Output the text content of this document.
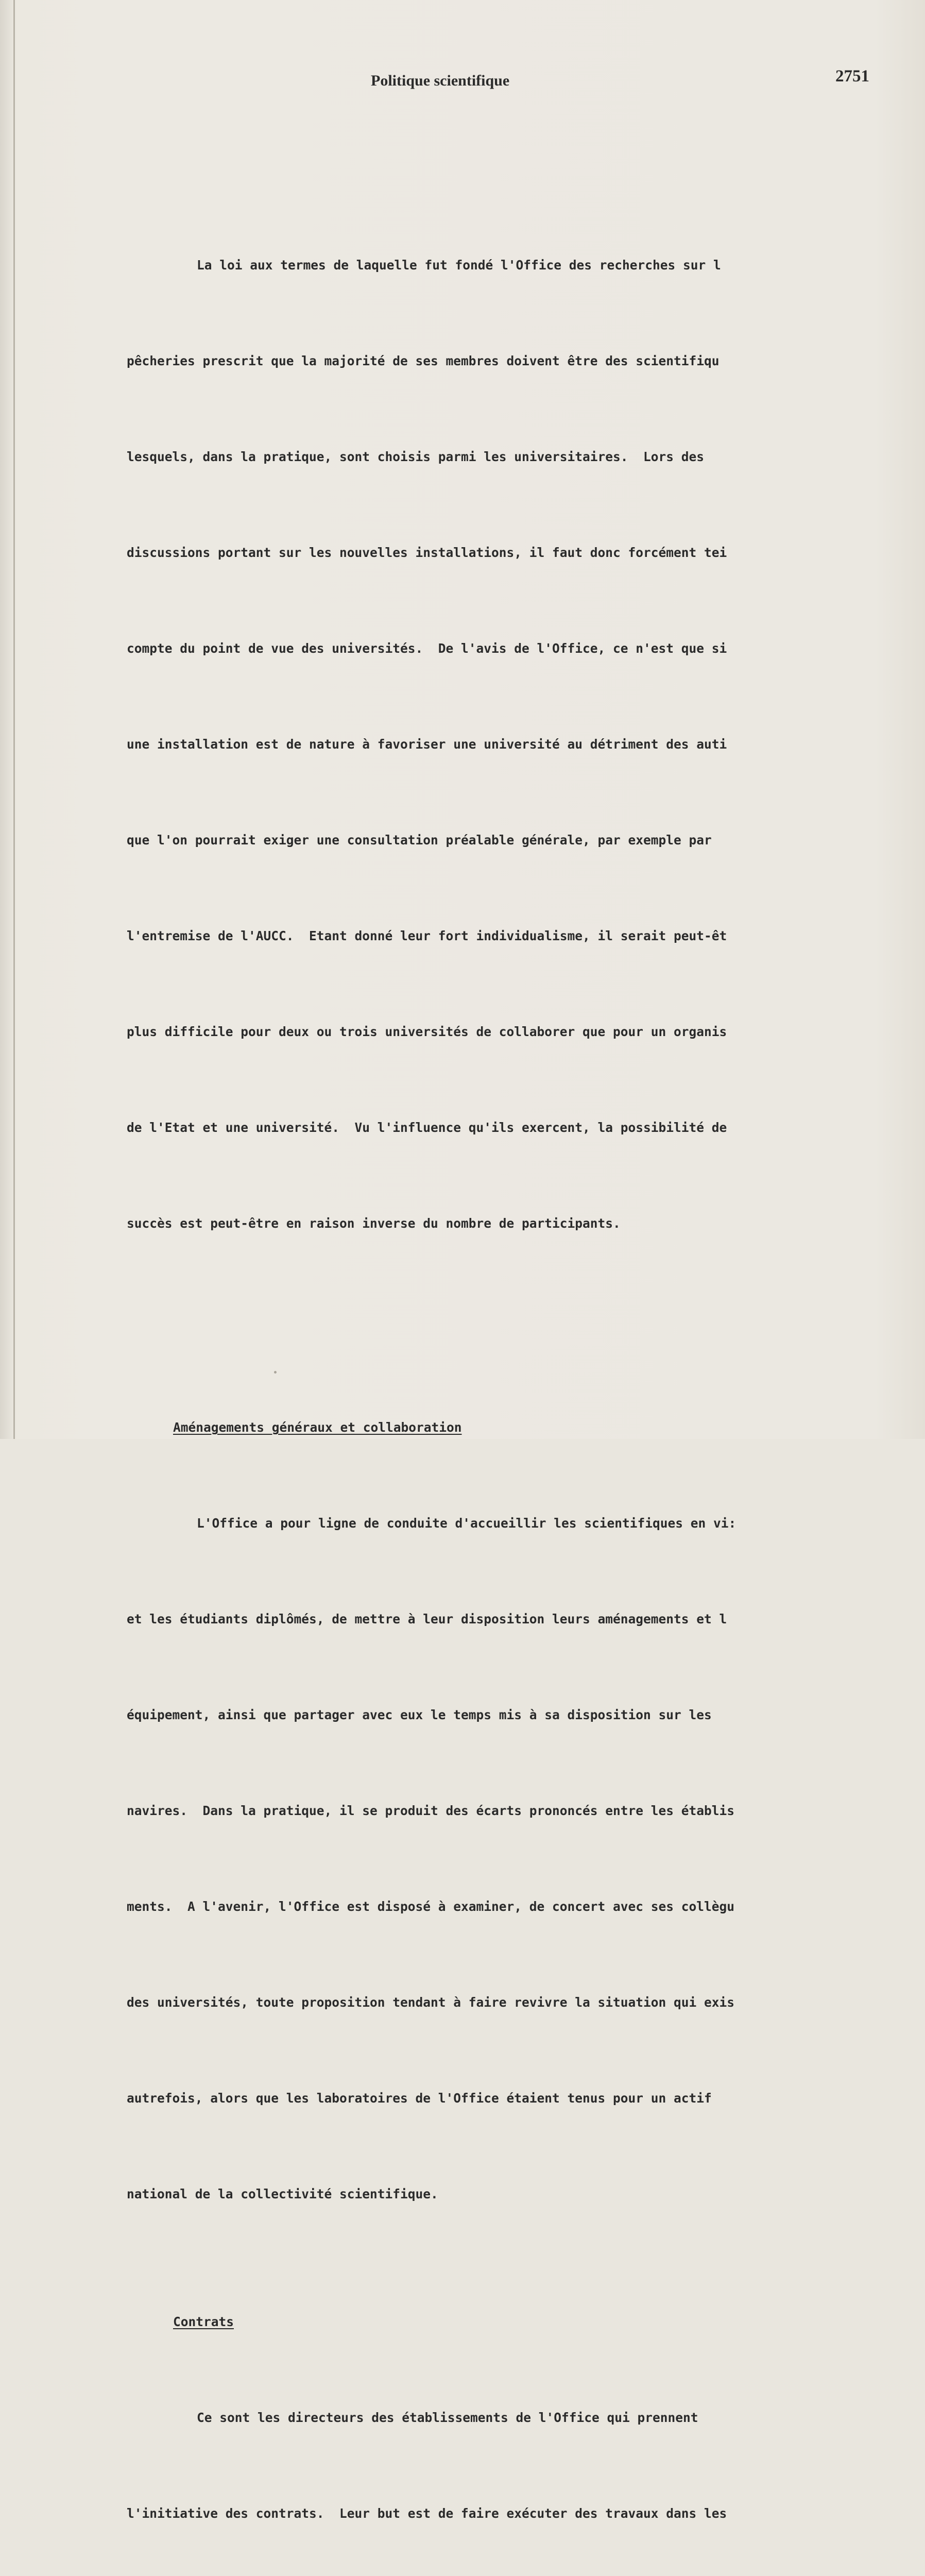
Politique scientifique	2751

La loi aux termes de laquelle fut fondé l'Office des recherches sur l

pêcheries prescrit que la majorité de ses membres doivent être des scientifiqu

lesquels, dans la pratique, sont choisis parmi les universitaires.  Lors des

discussions portant sur les nouvelles installations, il faut donc forcément tei

compte du point de vue des universités.  De l'avis de l'Office, ce n'est que si

une installation est de nature à favoriser une université au détriment des auti

que l'on pourrait exiger une consultation préalable générale, par exemple par

l'entremise de l'AUCC.  Etant donné leur fort individualisme, il serait peut-êt

plus difficile pour deux ou trois universités de collaborer que pour un organis

de l'Etat et une université.  Vu l'influence qu'ils exercent, la possibilité de

succès est peut-être en raison inverse du nombre de participants.

Aménagements généraux et collaboration

L'Office a pour ligne de conduite d'accueillir les scientifiques en vi:

et les étudiants diplômés, de mettre à leur disposition leurs aménagements et l

équipement, ainsi que partager avec eux le temps mis à sa disposition sur les

navires.  Dans la pratique, il se produit des écarts prononcés entre les établis

ments.  A l'avenir, l'Office est disposé à examiner, de concert avec ses collègu

des universités, toute proposition tendant à faire revivre la situation qui exis

autrefois, alors que les laboratoires de l'Office étaient tenus pour un actif

national de la collectivité scientifique.

Contrats

Ce sont les directeurs des établissements de l'Office qui prennent

l'initiative des contrats.  Leur but est de faire exécuter des travaux dans les
